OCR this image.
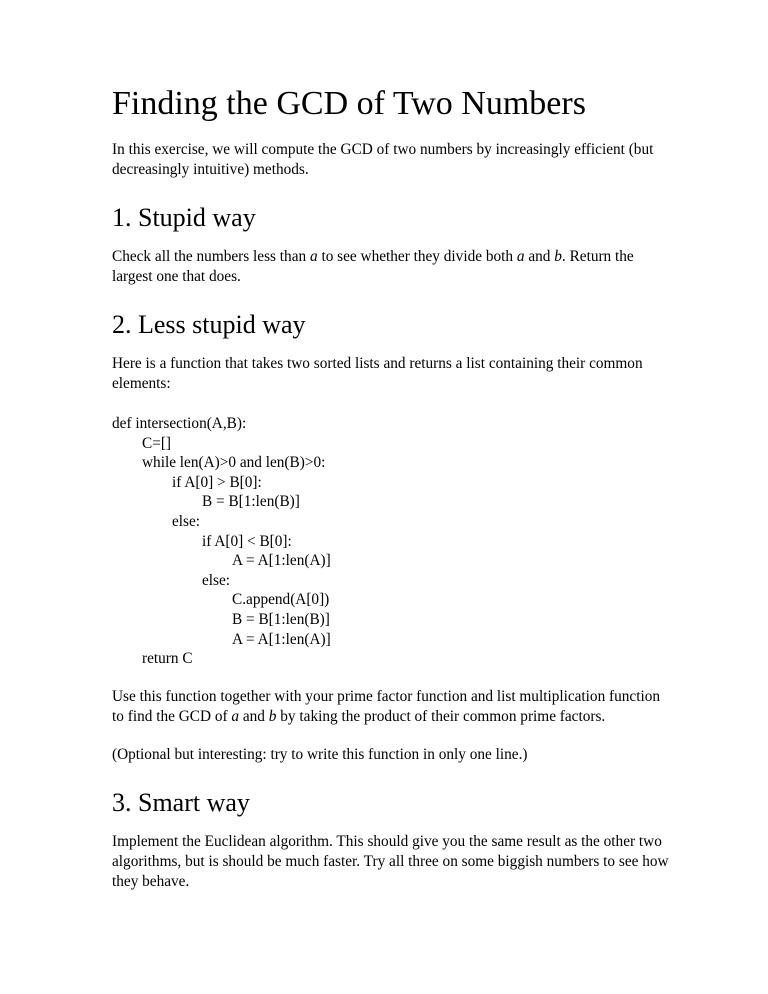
Finding the GCD of Two Numbers

In this exercise, we will compute the GCD of two numbers by increasingly efficient (but decreasingly intuitive) methods.

1. Stupid way

Check all the numbers less than a to see whether they divide both a and b. Return the largest one that does.

2. Less stupid way

Here is a function that takes two sorted lists and returns a list containing their common elements:

def intersection(A,B):
C=[]
while len(A)>0 and len(B)>0:
if A[0] > B[0]:
B = B[1:len(B)]
else:
if A[0] < B[0]:
A = A[1:len(A)]
else:
C.append(A[0])
B = B[1:len(B)]
A = A[1:len(A)]
return C

Use this function together with your prime factor function and list multiplication function to find the GCD of a and b by taking the product of their common prime factors.

(Optional but interesting: try to write this function in only one line.)

3. Smart way

Implement the Euclidean algorithm. This should give you the same result as the other two algorithms, but is should be much faster. Try all three on some biggish numbers to see how they behave.
